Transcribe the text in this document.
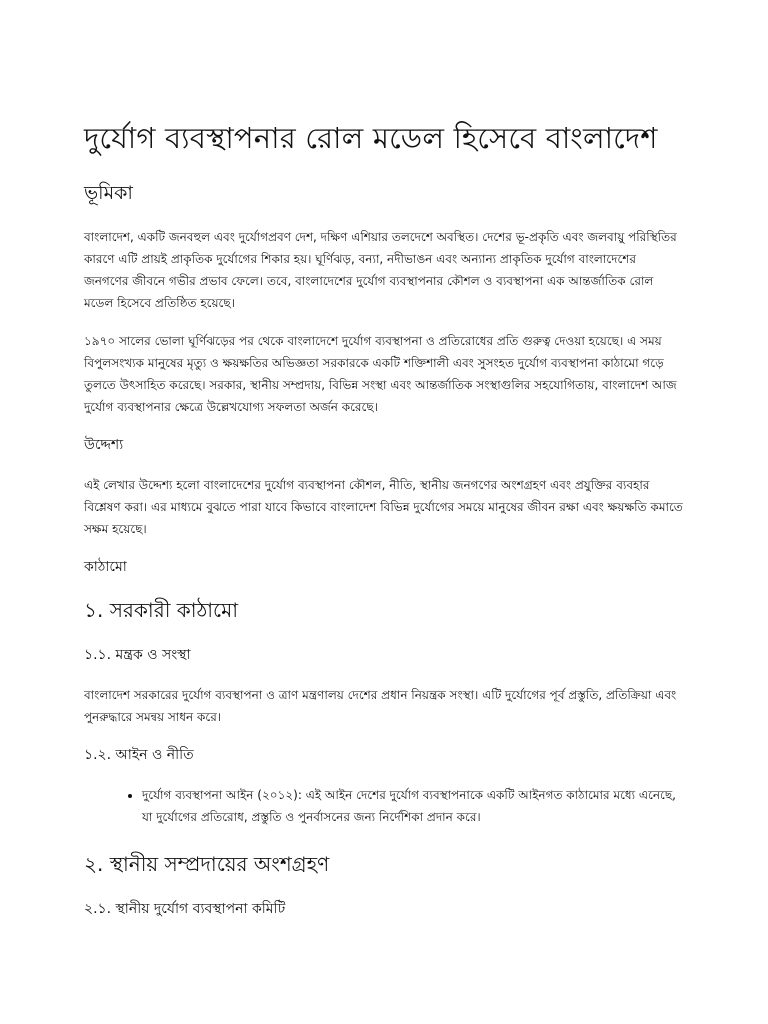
দুর্যোগ ব্যবস্থাপনার রোল মডেল হিসেবে বাংলাদেশ
ভূমিকা

বাংলাদেশ, একটি জনবহুল এবং দুর্যোগপ্রবণ দেশ, দক্ষিণ এশিয়ার তলদেশে অবস্থিত। দেশের ভূ-প্রকৃতি এবং জলবায়ু পরিস্থিতির কারণে এটি প্রায়ই প্রাকৃতিক দুর্যোগের শিকার হয়। ঘূর্ণিঝড়, বন্যা, নদীভাঙন এবং অন্যান্য প্রাকৃতিক দুর্যোগ বাংলাদেশের জনগণের জীবনে গভীর প্রভাব ফেলে। তবে, বাংলাদেশের দুর্যোগ ব্যবস্থাপনার কৌশল ও ব্যবস্থাপনা এক আন্তর্জাতিক রোল মডেল হিসেবে প্রতিষ্ঠিত হয়েছে।

১৯৭০ সালের ভোলা ঘূর্ণিঝড়ের পর থেকে বাংলাদেশে দুর্যোগ ব্যবস্থাপনা ও প্রতিরোধের প্রতি গুরুত্ব দেওয়া হয়েছে। এ সময় বিপুলসংখ্যক মানুষের মৃত্যু ও ক্ষয়ক্ষতির অভিজ্ঞতা সরকারকে একটি শক্তিশালী এবং সুসংহত দুর্যোগ ব্যবস্থাপনা কাঠামো গড়ে তুলতে উৎসাহিত করেছে। সরকার, স্থানীয় সম্প্রদায়, বিভিন্ন সংস্থা এবং আন্তর্জাতিক সংস্থাগুলির সহযোগিতায়, বাংলাদেশ আজ দুর্যোগ ব্যবস্থাপনার ক্ষেত্রে উল্লেখযোগ্য সফলতা অর্জন করেছে।

উদ্দেশ্য

এই লেখার উদ্দেশ্য হলো বাংলাদেশের দুর্যোগ ব্যবস্থাপনা কৌশল, নীতি, স্থানীয় জনগণের অংশগ্রহণ এবং প্রযুক্তির ব্যবহার বিশ্লেষণ করা। এর মাধ্যমে বুঝতে পারা যাবে কিভাবে বাংলাদেশ বিভিন্ন দুর্যোগের সময়ে মানুষের জীবন রক্ষা এবং ক্ষয়ক্ষতি কমাতে সক্ষম হয়েছে।

কাঠামো
১. সরকারী কাঠামো
১.১. মন্ত্রক ও সংস্থা

বাংলাদেশ সরকারের দুর্যোগ ব্যবস্থাপনা ও ত্রাণ মন্ত্রণালয় দেশের প্রধান নিয়ন্ত্রক সংস্থা। এটি দুর্যোগের পূর্ব প্রস্তুতি, প্রতিক্রিয়া এবং পুনরুদ্ধারে সমন্বয় সাধন করে।

১.২. আইন ও নীতি
• দুর্যোগ ব্যবস্থাপনা আইন (২০১২): এই আইন দেশের দুর্যোগ ব্যবস্থাপনাকে একটি আইনগত কাঠামোর মধ্যে এনেছে, যা দুর্যোগের প্রতিরোধ, প্রস্তুতি ও পুনর্বাসনের জন্য নির্দেশিকা প্রদান করে।
২. স্থানীয় সম্প্রদায়ের অংশগ্রহণ
২.১. স্থানীয় দুর্যোগ ব্যবস্থাপনা কমিটি
